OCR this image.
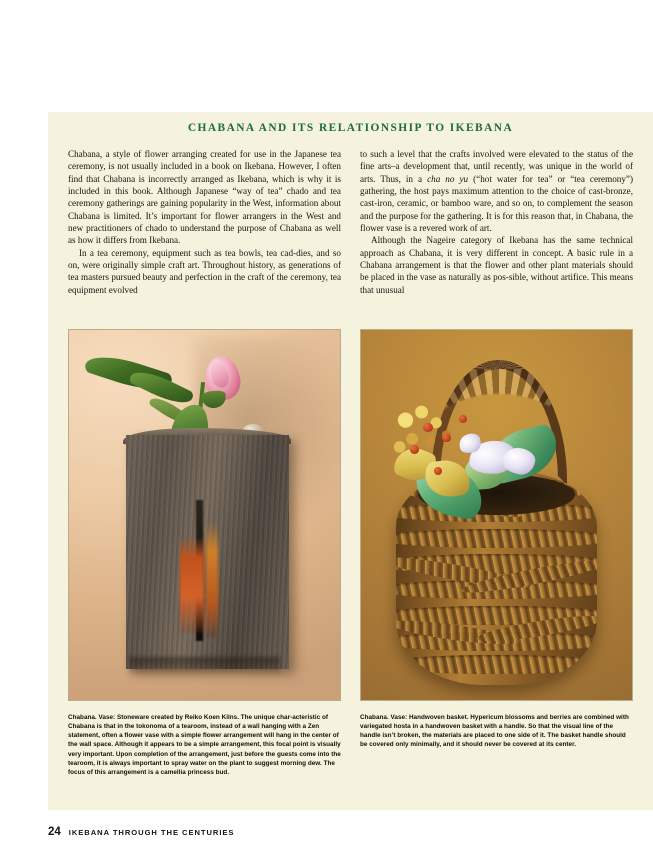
CHABANA AND ITS RELATIONSHIP TO IKEBANA

Chabana, a style of flower arranging created for use in the Japanese tea ceremony, is not usually included in a book on Ikebana. However, I often find that Chabana is incorrectly arranged as Ikebana, which is why it is included in this book. Although Japanese “way of tea” chado and tea ceremony gatherings are gaining popularity in the West, information about Chabana is limited. It’s important for flower arrangers in the West and new practitioners of chado to understand the purpose of Chabana as well as how it differs from Ikebana.

In a tea ceremony, equipment such as tea bowls, tea cad-dies, and so on, were originally simple craft art. Throughout history, as generations of tea masters pursued beauty and perfection in the craft of the ceremony, tea equipment evolved

to such a level that the crafts involved were elevated to the status of the fine arts–a development that, until recently, was unique in the world of arts. Thus, in a cha no yu (“hot water for tea” or “tea ceremony”) gathering, the host pays maximum attention to the choice of cast-bronze, cast-iron, ceramic, or bamboo ware, and so on, to complement the season and the purpose for the gathering. It is for this reason that, in Chabana, the flower vase is a revered work of art.

Although the Nageire category of Ikebana has the same technical approach as Chabana, it is very different in concept. A basic rule in a Chabana arrangement is that the flower and other plant materials should be placed in the vase as naturally as pos-sible, without artifice. This means that unusual

Chabana. Vase: Stoneware created by Reiko Koen Kilns. The unique char-acteristic of Chabana is that in the tokonoma of a tearoom, instead of a wall hanging with a Zen statement, often a flower vase with a simple flower arrangement will hang in the center of the wall space. Although it appears to be a simple arrangement, this focal point is visually very important. Upon completion of the arrangement, just before the guests come into the tearoom, it is always important to spray water on the plant to suggest morning dew. The focus of this arrangement is a camellia princess bud.
Chabana. Vase: Handwoven basket. Hypericum blossoms and berries are combined with variegated hosta in a handwoven basket with a handle. So that the visual line of the handle isn’t broken, the materials are placed to one side of it. The basket handle should be covered only minimally, and it should never be covered at its center.
24 IKEBANA THROUGH THE CENTURIES
